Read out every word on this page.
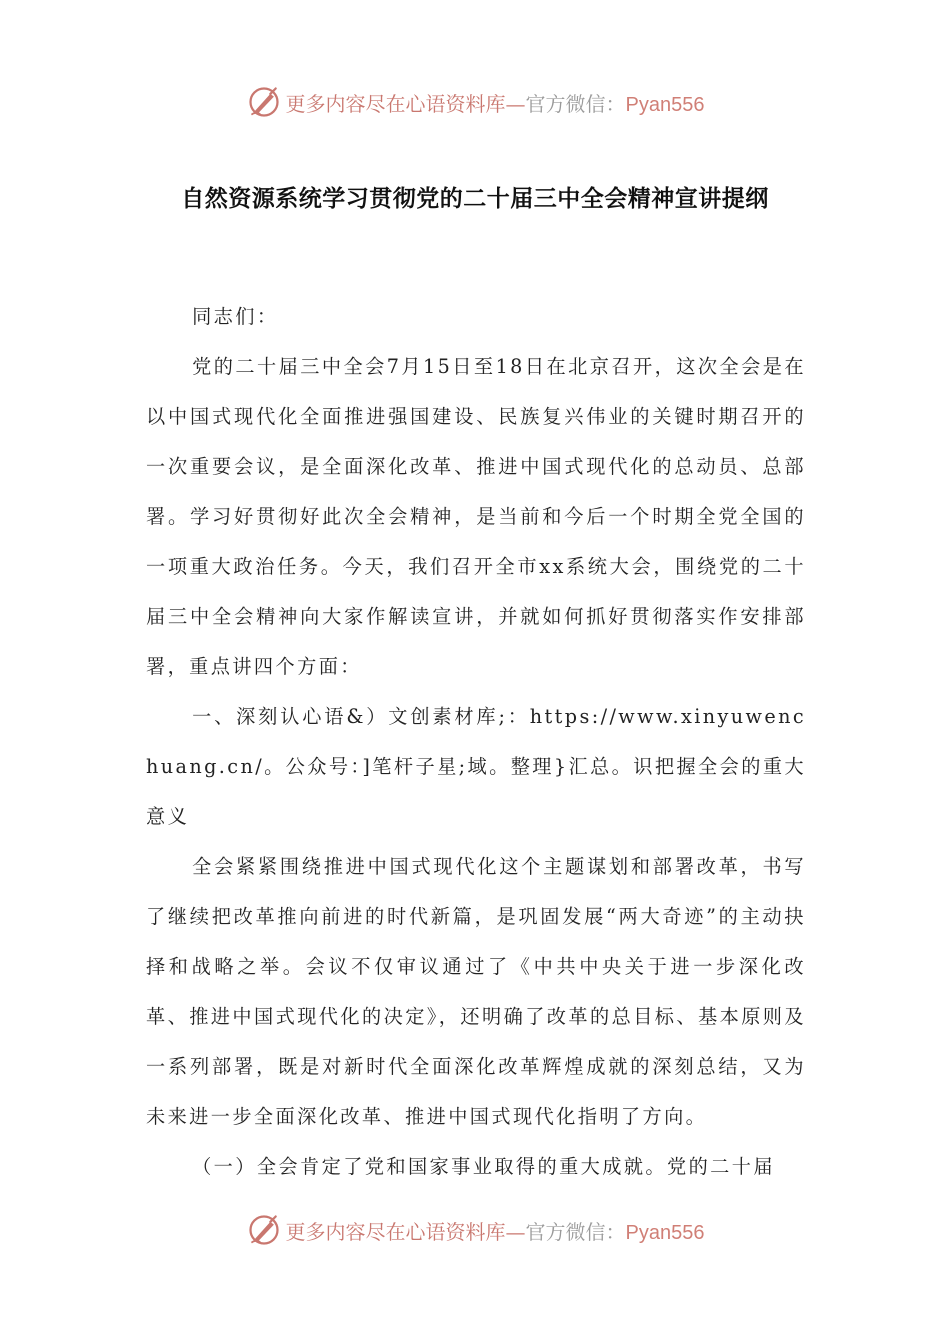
更多内容尽在心语资料库—官方微信：Pyan556
自然资源系统学习贯彻党的二十届三中全会精神宣讲提纲

同志们：

党的二十届三中全会7月15日至18日在北京召开，这次全会是在以中国式现代化全面推进强国建设、民族复兴伟业的关键时期召开的一次重要会议，是全面深化改革、推进中国式现代化的总动员、总部署。学习好贯彻好此次全会精神，是当前和今后一个时期全党全国的一项重大政治任务。今天，我们召开全市xx系统大会，围绕党的二十届三中全会精神向大家作解读宣讲，并就如何抓好贯彻落实作安排部署，重点讲四个方面：

一、深刻认心语&）文创素材库;：https://www.xinyuwenchuang.cn/。公众号：]笔杆子星;域。整理}汇总。识把握全会的重大意义

全会紧紧围绕推进中国式现代化这个主题谋划和部署改革，书写了继续把改革推向前进的时代新篇，是巩固发展“两大奇迹”的主动抉择和战略之举。会议不仅审议通过了《中共中央关于进一步深化改革、推进中国式现代化的决定》，还明确了改革的总目标、基本原则及一系列部署，既是对新时代全面深化改革辉煌成就的深刻总结，又为未来进一步全面深化改革、推进中国式现代化指明了方向。

（一）全会肯定了党和国家事业取得的重大成就。党的二十届

更多内容尽在心语资料库—官方微信：Pyan556
